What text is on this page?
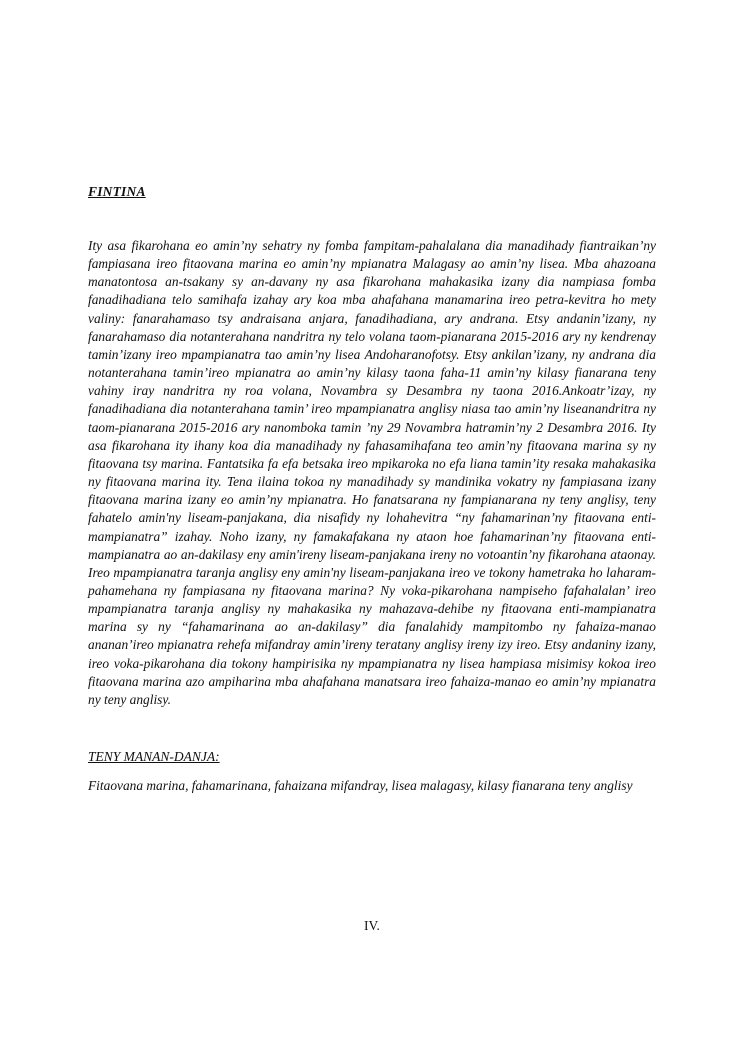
FINTINA

Ity asa fikarohana eo amin’ny sehatry ny fomba fampitam-pahalalana dia manadihady fiantraikan’ny fampiasana ireo fitaovana marina eo amin’ny mpianatra Malagasy ao amin’ny lisea. Mba ahazoana manatontosa an-tsakany sy an-davany ny asa fikarohana mahakasika izany dia nampiasa fomba fanadihadiana telo samihafa izahay ary koa mba ahafahana manamarina ireo petra-kevitra ho mety valiny: fanarahamaso tsy andraisana anjara, fanadihadiana, ary andrana. Etsy andanin’izany, ny fanarahamaso dia notanterahana nandritra ny telo volana taom-pianarana 2015-2016 ary ny kendrenay tamin’izany ireo mpampianatra tao amin’ny lisea Andoharanofotsy. Etsy ankilan’izany, ny andrana dia notanterahana tamin’ireo mpianatra ao amin’ny kilasy taona faha-11 amin’ny kilasy fianarana teny vahiny iray nandritra ny roa volana, Novambra sy Desambra ny taona 2016.Ankoatr’izay, ny fanadihadiana dia notanterahana tamin’ ireo mpampianatra anglisy niasa tao amin’ny liseanandritra ny taom-pianarana 2015-2016 ary nanomboka tamin ’ny 29 Novambra hatramin’ny 2 Desambra 2016. Ity asa fikarohana ity ihany koa dia manadihady ny fahasamihafana teo amin’ny fitaovana marina sy ny fitaovana tsy marina. Fantatsika fa efa betsaka ireo mpikaroka no efa liana tamin’ity resaka mahakasika ny fitaovana marina ity. Tena ilaina tokoa ny manadihady sy mandinika vokatry ny fampiasana izany fitaovana marina izany eo amin’ny mpianatra. Ho fanatsarana ny fampianarana ny teny anglisy, teny fahatelo amin'ny liseam-panjakana, dia nisafidy ny lohahevitra “ny fahamarinan’ny fitaovana enti-mampianatra” izahay. Noho izany, ny famakafakana ny ataon hoe fahamarinan’ny fitaovana enti-mampianatra ao an-dakilasy eny amin'ireny liseam-panjakana ireny no votoantin’ny fikarohana ataonay. Ireo mpampianatra taranja anglisy eny amin'ny liseam-panjakana ireo ve tokony hametraka ho laharam-pahamehana ny fampiasana ny fitaovana marina? Ny voka-pikarohana nampiseho fafahalalan’ ireo mpampianatra taranja anglisy ny mahakasika ny mahazava-dehibe ny fitaovana enti-mampianatra marina sy ny “fahamarinana ao an-dakilasy” dia fanalahidy mampitombo ny fahaiza-manao ananan’ireo mpianatra rehefa mifandray amin’ireny teratany anglisy ireny izy ireo. Etsy andaniny izany, ireo voka-pikarohana dia tokony hampirisika ny mpampianatra ny lisea hampiasa misimisy kokoa ireo fitaovana marina azo ampiharina mba ahafahana manatsara ireo fahaiza-manao eo amin’ny mpianatra ny teny anglisy.

TENY MANAN-DANJA:

Fitaovana marina, fahamarinana, fahaizana mifandray, lisea malagasy, kilasy fianarana teny anglisy

IV.
